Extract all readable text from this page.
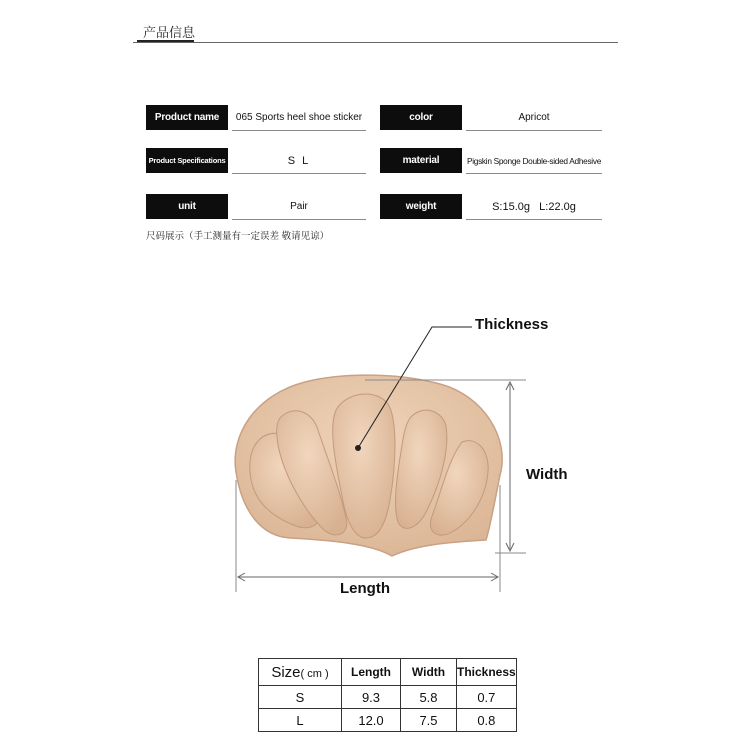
产品信息
Product name	065 Sports heel shoe sticker	color	Apricot
Product Specifications	S L	material	Pigskin Sponge Double-sided Adhesive
unit	Pair	weight	S:15.0g   L:22.0g
尺码展示（手工测量有一定误差 敬请见谅）
Thickness
Width
Length
Size( cm )	Length	Width	Thickness
S	9.3	5.8	0.7
L	12.0	7.5	0.8
